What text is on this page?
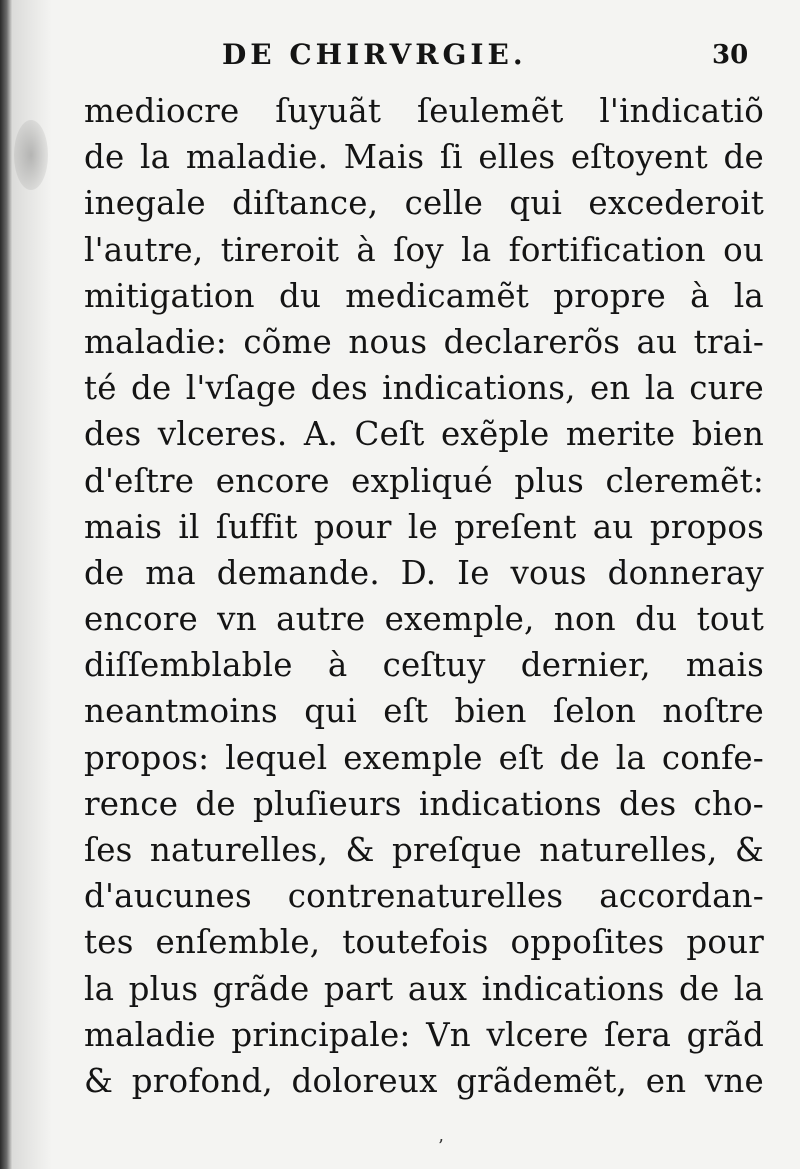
DE CHIRVRGIE.	30
mediocre ſuyuãt ſeulemẽt l'indicatiõ
de la maladie. Mais ſi elles eſtoyent de
inegale diſtance, celle qui excederoit
l'autre, tireroit à ſoy la fortification ou
mitigation du medicamẽt propre à la
maladie: cõme nous declarerõs au trai-
té de l'vſage des indications, en la cure
des vlceres. A. Ceſt exẽple merite bien
d'eſtre encore expliqué plus cleremẽt:
mais il ſuffit pour le preſent au propos
de ma demande. D. Ie vous donneray
encore vn autre exemple, non du tout
diſſemblable à ceſtuy dernier, mais
neantmoins qui eſt bien ſelon noſtre
propos: lequel exemple eſt de la confe-
rence de pluſieurs indications des cho-
ſes naturelles, & preſque naturelles, &
d'aucunes contrenaturelles accordan-
tes enſemble, toutefois oppoſites pour
la plus grãde part aux indications de la
maladie principale: Vn vlcere ſera grãd
& profond, doloreux grãdemẽt, en vne
’
